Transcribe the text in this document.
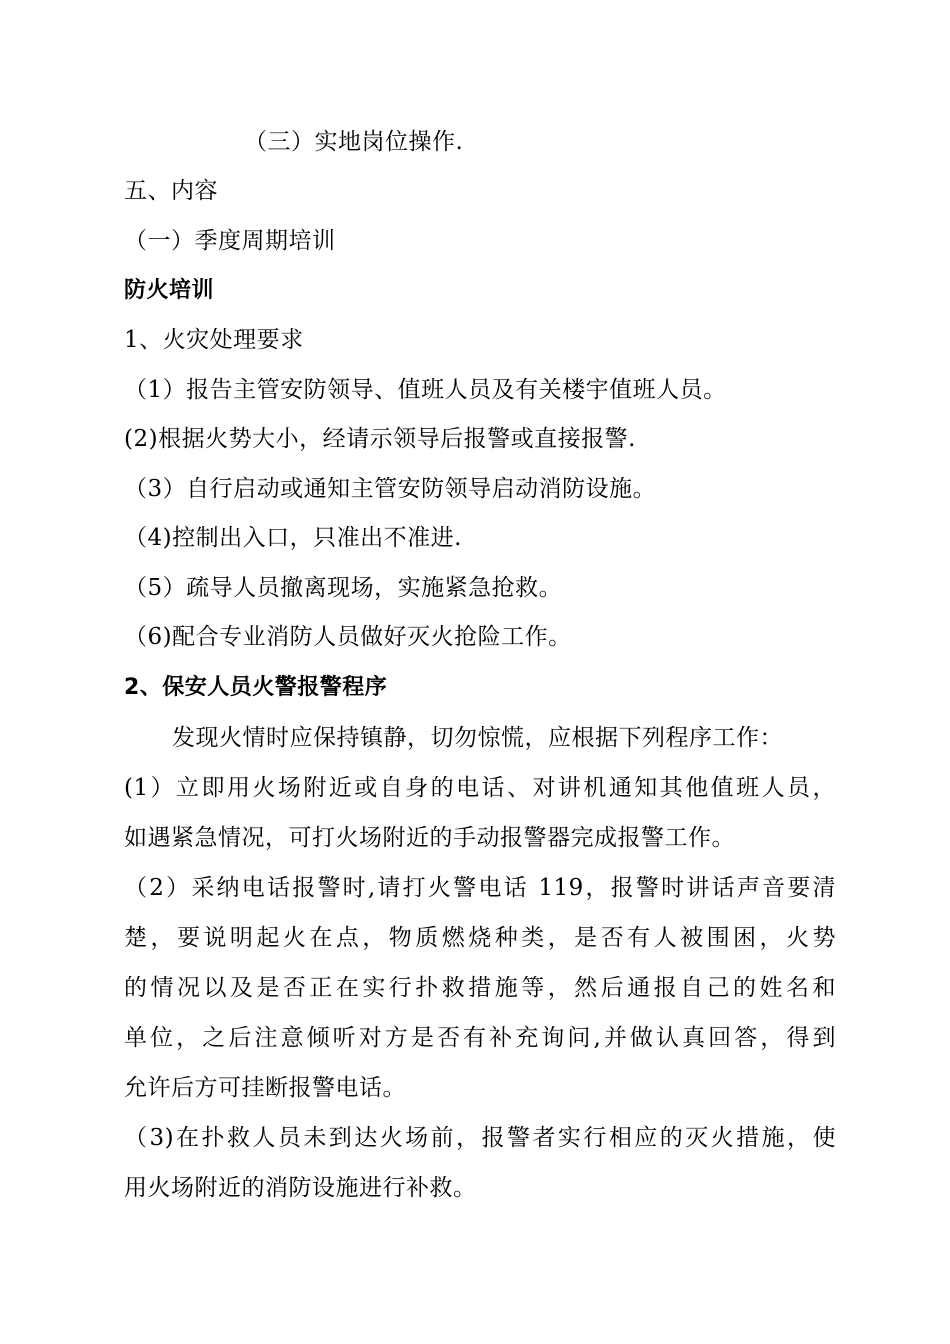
（三）实地岗位操作.
五、内容
（一）季度周期培训
防火培训
1、火灾处理要求
（1）报告主管安防领导、值班人员及有关楼宇值班人员。
(2)根据火势大小，经请示领导后报警或直接报警.
（3）自行启动或通知主管安防领导启动消防设施。
（4)控制出入口，只准出不准进.
（5）疏导人员撤离现场，实施紧急抢救。
（6)配合专业消防人员做好灭火抢险工作。
2、保安人员火警报警程序
发现火情时应保持镇静，切勿惊慌，应根据下列程序工作：
(1）立即用火场附近或自身的电话、对讲机通知其他值班人员，
如遇紧急情况，可打火场附近的手动报警器完成报警工作。
（2）采纳电话报警时,请打火警电话 119，报警时讲话声音要清
楚，要说明起火在点，物质燃烧种类，是否有人被围困，火势
的情况以及是否正在实行扑救措施等，然后通报自己的姓名和
单位，之后注意倾听对方是否有补充询问,并做认真回答，得到
允许后方可挂断报警电话。
（3)在扑救人员未到达火场前，报警者实行相应的灭火措施，使
用火场附近的消防设施进行补救。
